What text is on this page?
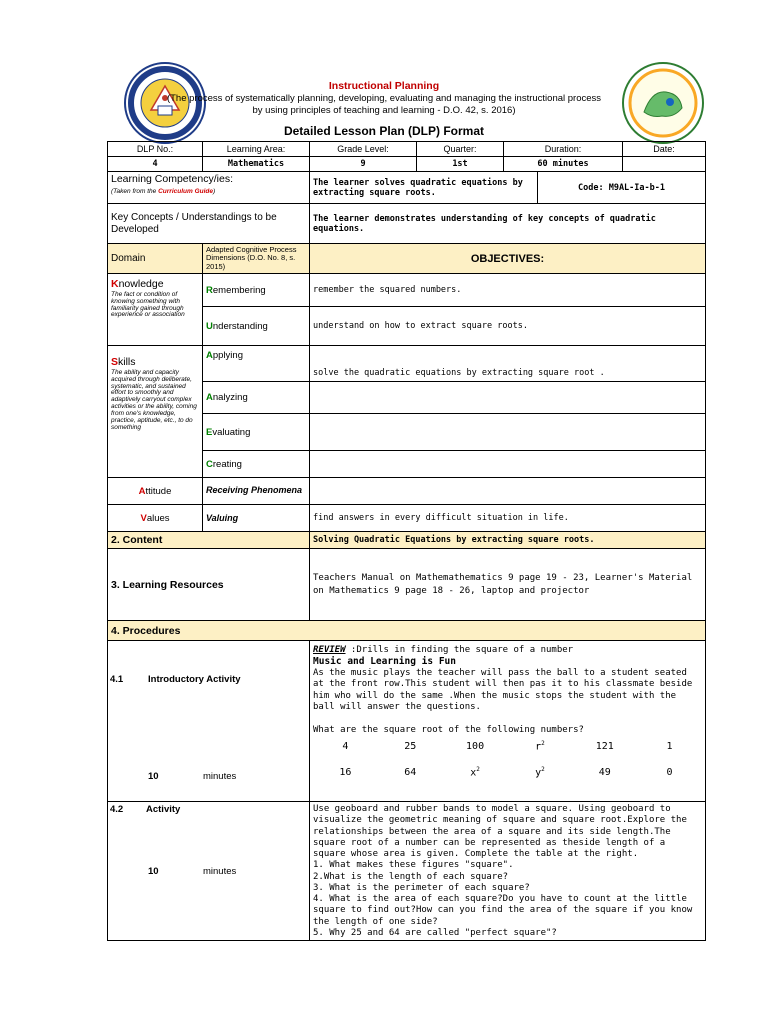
Instructional Planning
(The process of systematically planning, developing, evaluating and managing the instructional process
by using principles of teaching and learning - D.O. 42, s. 2016)
Detailed Lesson Plan (DLP) Format
DLP No.:	Learning Area:	Grade Level:	Quarter:	Duration:	Date:
4	Mathematics	9	1st	60 minutes	

Learning Competency/ies:
(Taken from the Curriculum Guide)
	The learner solves quadratic equations by extracting square roots.	Code: M9AL-Ia-b-1
Key Concepts / Understandings to be Developed	The learner demonstrates understanding of key concepts of quadratic equations.
Domain	Adapted Cognitive Process Dimensions (D.O. No. 8, s. 2015)	OBJECTIVES:

Knowledge
The fact or condition of knowing something with familiarity gained through experience or association
	Remembering	remember the squared numbers.
Understanding	understand on how to extract square roots.

Skills
The ability and capacity acquired through deliberate, systematic, and sustained effort to smoothly and adaptively carryout complex activities or the ability, coming from one's knowledge, practice, aptitude, etc., to do something
	Applying	solve the quadratic equations by extracting square root .
Analyzing	
Evaluating	
Creating	
Attitude	Receiving Phenomena	
Values	Valuing	find answers in every difficult situation in life.
2. Content	Solving Quadratic Equations by extracting square roots.
3. Learning Resources	Teachers Manual on Mathemathematics 9 page 19 - 23, Learner's Material on Mathematics 9 page 18 - 26, laptop and projector
4. Procedures

4.1	Introductory Activity
10	minutes

REVIEW :Drills in finding the square of a number
Music and Learning is Fun
As the music plays the teacher will pass the ball to a student seated at the front row.This student will then pas it to his classmate beside him who will do the same .When the music stops the student with the ball will answer the questions.
What are the square root of the following numbers?
4	25	100	$r^2$	121	1
16	64	$x^2$	$y^2$	49	0

4.2 Activity
10	minutes

Use geoboard and rubber bands to model a square. Using geoboard to visualize the geometric meaning of square and square root.Explore the relationships between the area of a square and its side length.The square root of a number can be represented as theside length of a square whose area is given. Complete the table at the right.
1. What makes these figures "square".
2.What is the length of each square?
3. What is the perimeter of each square?
4. What is the area of each square?Do you have to count at the little square to find out?How can you find the area of the square if you know the length of one side?
5. Why 25 and 64 are called "perfect square"?
